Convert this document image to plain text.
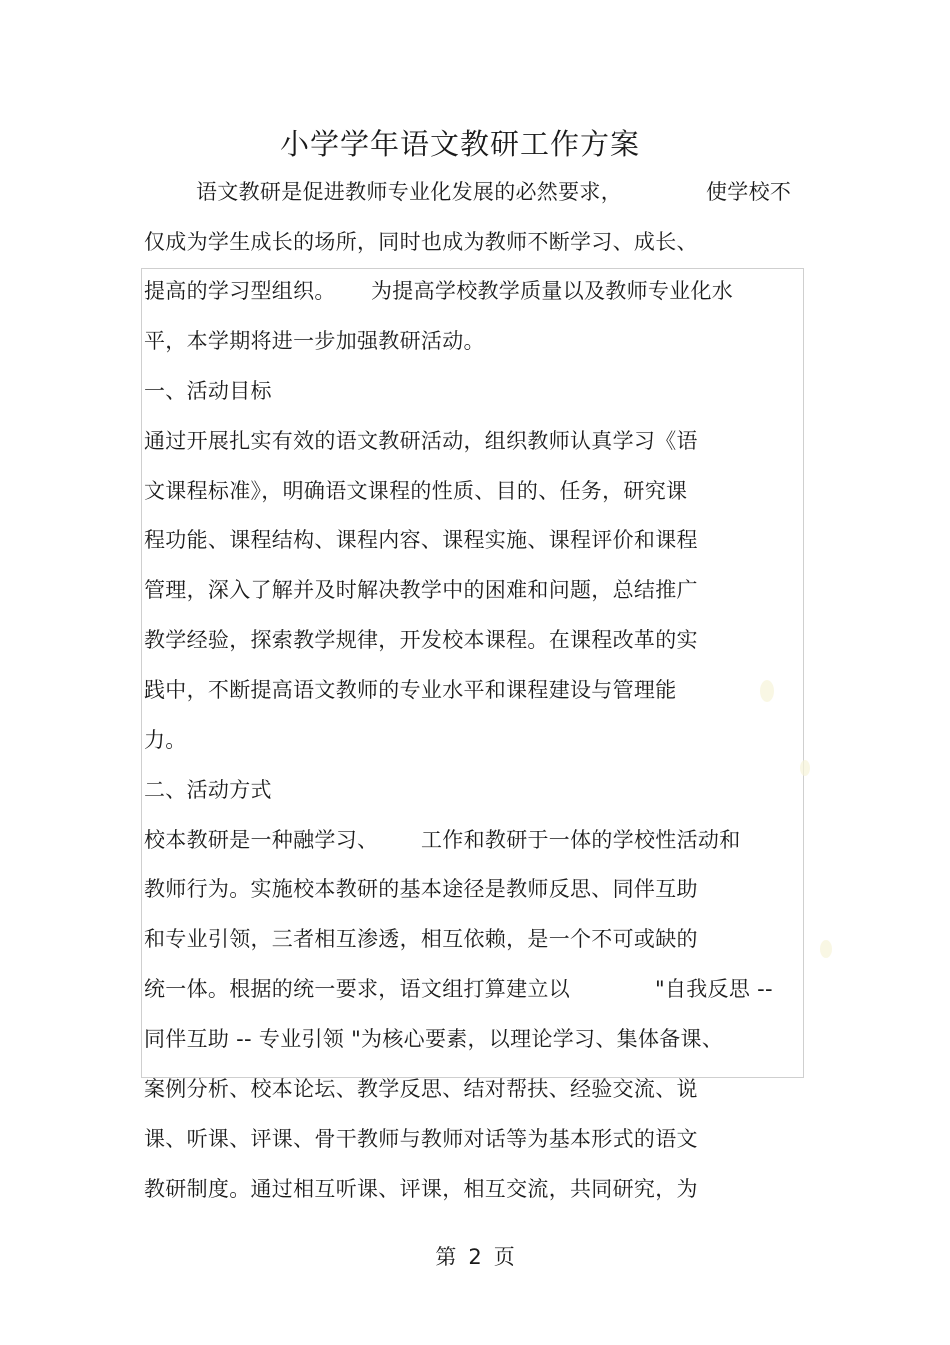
小学学年语文教研工作方案
语文教研是促进教师专业化发展的必然要求，	使学校不
仅成为学生成长的场所，同时也成为教师不断学习、成长、
提高的学习型组织。 为提高学校教学质量以及教师专业化水
平，本学期将进一步加强教研活动。
一、活动目标
通过开展扎实有效的语文教研活动，组织教师认真学习《语
文课程标准》，明确语文课程的性质、目的、任务，研究课
程功能、课程结构、课程内容、课程实施、课程评价和课程
管理，深入了解并及时解决教学中的困难和问题，总结推广
教学经验，探索教学规律，开发校本课程。在课程改革的实
践中，不断提高语文教师的专业水平和课程建设与管理能
力。
二、活动方式
校本教研是一种融学习、 工作和教研于一体的学校性活动和
教师行为。实施校本教研的基本途径是教师反思、同伴互助
和专业引领，三者相互渗透，相互依赖，是一个不可或缺的
统一体。根据的统一要求，语文组打算建立以	"自我反思 --
同伴互助 -- 专业引领 "为核心要素，以理论学习、集体备课、
案例分析、校本论坛、教学反思、结对帮扶、经验交流、说
课、听课、评课、骨干教师与教师对话等为基本形式的语文
教研制度。通过相互听课、评课，相互交流，共同研究，为
第 2 页
